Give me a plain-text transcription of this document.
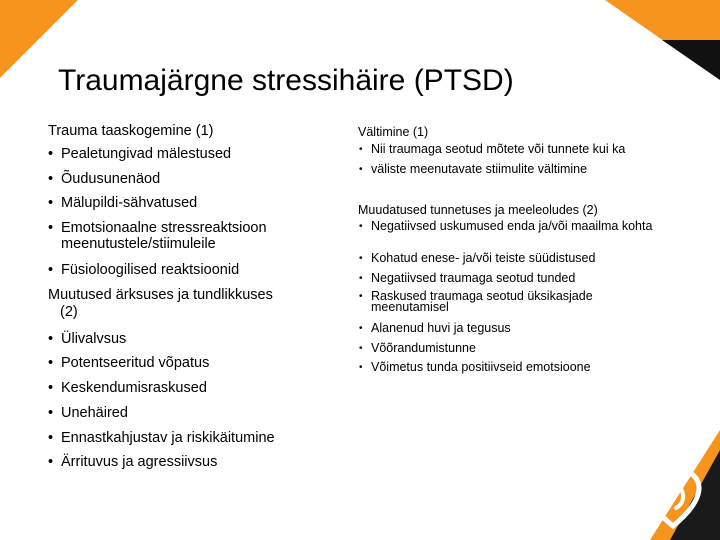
Traumajärgne stressihäire (PTSD)
Trauma taaskogemine (1)
• Pealetungivad mälestused
• Õudusunenäod
• Mälupildi-sähvatused
• Emotsionaalne stressreaktsioon meenutustele/stiimuleile
• Füsioloogilised reaktsioonid
Muutused ärksuses ja tundlikkuses
(2)
• Ülivalvsus
• Potentseeritud võpatus
• Keskendumisraskused
• Unehäired
• Ennastkahjustav ja riskikäitumine
• Ärrituvus ja agressiivsus
Vältimine (1)
• Nii traumaga seotud mõtete või tunnete kui ka
• väliste meenutavate stiimulite vältimine
Muudatused tunnetuses ja meeleoludes (2)
• Negatiivsed uskumused enda ja/või maailma kohta
• Kohatud enese- ja/või teiste süüdistused
• Negatiivsed traumaga seotud tunded
• Raskused traumaga seotud üksikasjade meenutamisel
• Alanenud huvi ja tegusus
• Võõrandumistunne
• Võimetus tunda positiivseid emotsioone
